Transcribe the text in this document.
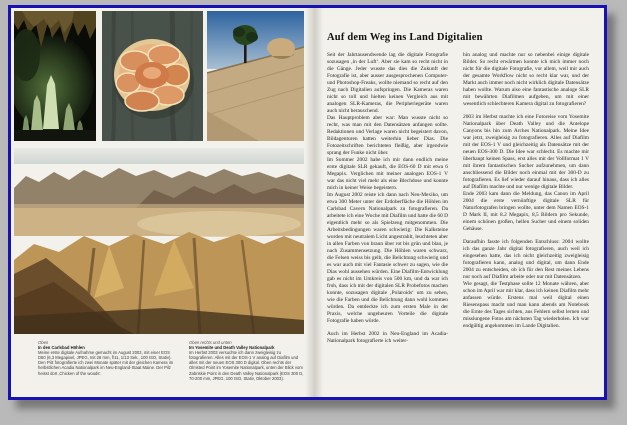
Oben
In den Carlsbad Höhlen
Meine erste digitale Aufnahme gemacht im August 2002, mit einer EOS D60 (6,3 Megapixel, JPEG, mit 28 mm, f/11, 1/13 Sek., 100 ISO, Stativ). Den Pilz fotografierte ich zwei Monate später mit der gleichen Kamera im herbstlichen Acadia Nationalpark im Neu-England-Staat Maine. Der Pilz heisst dort ‚Chicken of the woods‘.
Oben rechts und unten
Im Yosemite und Death Valley Nationalpark
Im Herbst 2003 versuchte ich dann zweigleisig zu fotografieren: Alles mit der EOS-1 V analog auf Diafilm und alles mit der neuen EOS 300 D digital. Oben rechts der Olmsted Point im Yosemite Nationalpark, unten der Blick vom Zabriskie Point in den Death Valley Nationalpark (EOS 300 D, 70-200 mm, JPEG, 100 ISO, Stativ, Oktober 2003).
Auf dem Weg ins Land Digitalien

Seit der Jahrtausendwende lag die digitale Fotografie sozusagen ‚in der Luft‘. Aber sie kam so recht nicht in die Gänge. Jeder wusste das dies die Zukunft der Fotografie ist, aber ausser ausgesprochenen Computer- und Photoshop-Freaks, wollte niemand so recht auf den Zug nach Digitalien aufspringen. Die Kameras waren nicht so toll und hielten keinen Vergleich aus mit analogen SLR-Kameras, die Peripheriegeräte waren auch nicht berauschend.

Das Hauptproblem aber war: Man wusste nicht so recht, was man mit den Datensätzen anfangen sollte. Redaktionen und Verlage waren nicht begeistert davon, Bildagenturen hatten weiterhin lieber Dias. Die Fotozeitschriften berichteten fleißig, aber irgendwie sprang der Funke nicht über.

Im Sommer 2002 habe ich mir dann endlich meine erste digitale SLR gekauft, die EOS-60 D mit etwa 6 Megapix. Verglichen mit meiner analogen EOS-1 V war das nicht viel mehr als eine Blechdose und konnte mich in keiner Weise begeistern.

Im August 2002 reiste ich dann nach Neu-Mexiko, um etwa 300 Meter unter der Erdoberfläche die Höhlen im Carlsbad Cavern Nationalpark zu fotografieren. Da arbeitete ich eine Woche mit Diafilm und hatte die 60 D eigentlich mehr so als Spielzeug mitgenommen. Die Arbeitsbedingungen waren schwierig: Die Kalksteine wurden mit neutralem Licht angestrahlt, leuchteten aber in allen Farben von braun über rot bis grün und blau, je nach Zusammensetzung. Die Höhlen waren schwarz, die Felsen weiss bis gelb, die Belichtung schwierig und es war auch mit viel Fantasie schwer zu sagen, wie die Dias wohl aussehen würden. Eine Diafilm-Entwicklung gab es nicht im Umkreis von 500 km, und da war ich froh, dass ich mit der digitalen SLR Probefotos machen konnte, sozusagen digitale ‚Polaroids‘ um zu sehen, wie die Farben und die Belichtung dann wohl kommen würden. Da entdeckte ich zum ersten Male in der Praxis, welche ungeheuren Vorteile die digitale Fotografie haben würde.

Auch im Herbst 2002 in Neu-England im Acadia-Nationalpark fotografierte ich weiter-

hin analog und machte nur so nebenbei einige digitale Bilder. So recht erwärmen konnte ich mich immer noch nicht für die digitale Fotografie, vor allem, weil mir auch der gesamte Workflow nicht so recht klar war, und der Markt auch immer noch nicht wirklich digitale Datensätze haben wollte. Warum also eine fantastische analoge SLR mit bewährten Diafilmen aufgeben, um mit einer wesentlich schlechteren Kamera digital zu fotografieren?

2003 im Herbst machte ich eine Fotoreise vom Yosemite Nationalpark über Death Valley und die Antelope Canyons bis hin zum Arches Nationalpark. Meine Idee war jetzt, zweigleisig zu fotografieren. Alles auf Diafilm mit der EOS-1 V und gleichzeitig als Datensätze mit der neuen EOS-300 D. Die Idee war schlecht. Es machte mir überhaupt keinen Spass, erst alles mit der Vollformat 1 V mit ihrem fantastischen Sucher aufzunehmen, um dann anschliessend die Bilder noch einmal mit der 300-D zu fotografieren. Es lief wieder darauf hinaus, dass ich alles auf Diafilm machte und nur wenige digitale Bilder.

Ende 2003 kam dann die Meldung, das Canon im April 2004 die erste vernünftige digitale SLR für Naturfotografen bringen wollte, unter dem Namen EOS-1 D Mark II, mit 8.2 Megapix, 8,5 Bildern pro Sekunde, einem schönen großen, hellen Sucher und einem soliden Gehäuse.

Daraufhin fasste ich folgenden Entschluss: 2004 wollte ich das ganze Jahr digital fotografieren, auch weil ich eingesehen hatte, das ich nicht gleichzeitig zweigleisig fotografieren kann, analog und digital, um dann Ende 2004 zu entscheiden, ob ich für den Rest meines Lebens nur noch auf Diafilm arbeite oder nur mit Datensätzen.

Wie gesagt, die Testphase sollte 12 Monate währen, aber schon im April war mir klar, dass ich keinen Diafilm mehr anfassen würde. Erstens mal weil digital einen Riesenspass macht und man kann abends am Notebook die Ernte des Tages sichten, aus Fehlern selbst lernen und misslungene Fotos am nächsten Tag wiederholen. Ich war endgültig angekommen im Lande Digitalien.
